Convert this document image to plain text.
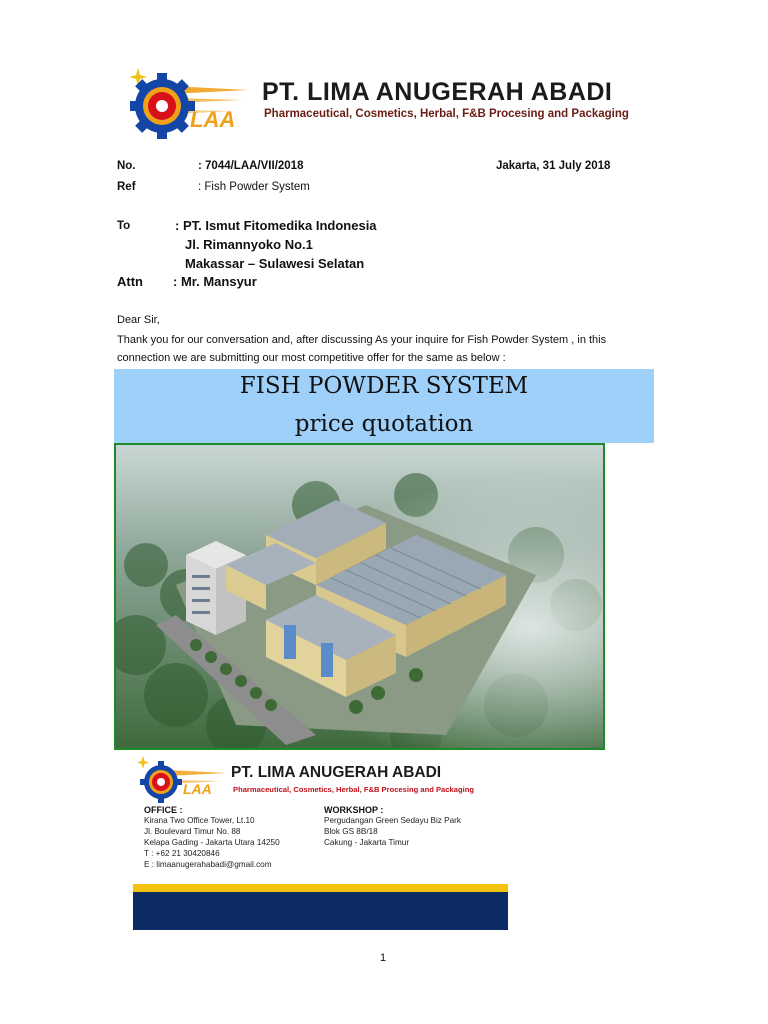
LAA
PT. LIMA ANUGERAH ABADI
Pharmaceutical, Cosmetics, Herbal, F&B Procesing and Packaging
No.	: 7044/LAA/VII/2018	Jakarta, 31 July 2018
Ref	: Fish Powder System
To	: PT. Ismut Fitomedika Indonesia
Jl. Rimannyoko No.1
Makassar – Sulawesi Selatan
Attn : Mr. Mansyur
Dear Sir,
Thank you for our conversation and, after discussing As your inquire for Fish Powder System , in this
connection we are submitting our most competitive offer for the same as below :
FISH POWDER SYSTEM
price quotation
LAA
PT. LIMA ANUGERAH ABADI
Pharmaceutical, Cosmetics, Herbal, F&B Procesing and Packaging
OFFICE :
Kirana Two Office Tower, Lt.10
Jl. Boulevard Timur No. 88
Kelapa Gading - Jakarta Utara 14250
T : +62 21 30420846
E : limaanugerahabadi@gmail.com
WORKSHOP :
Pergudangan Green Sedayu Biz Park
Blok GS 8B/18
Cakung - Jakarta Timur
1
